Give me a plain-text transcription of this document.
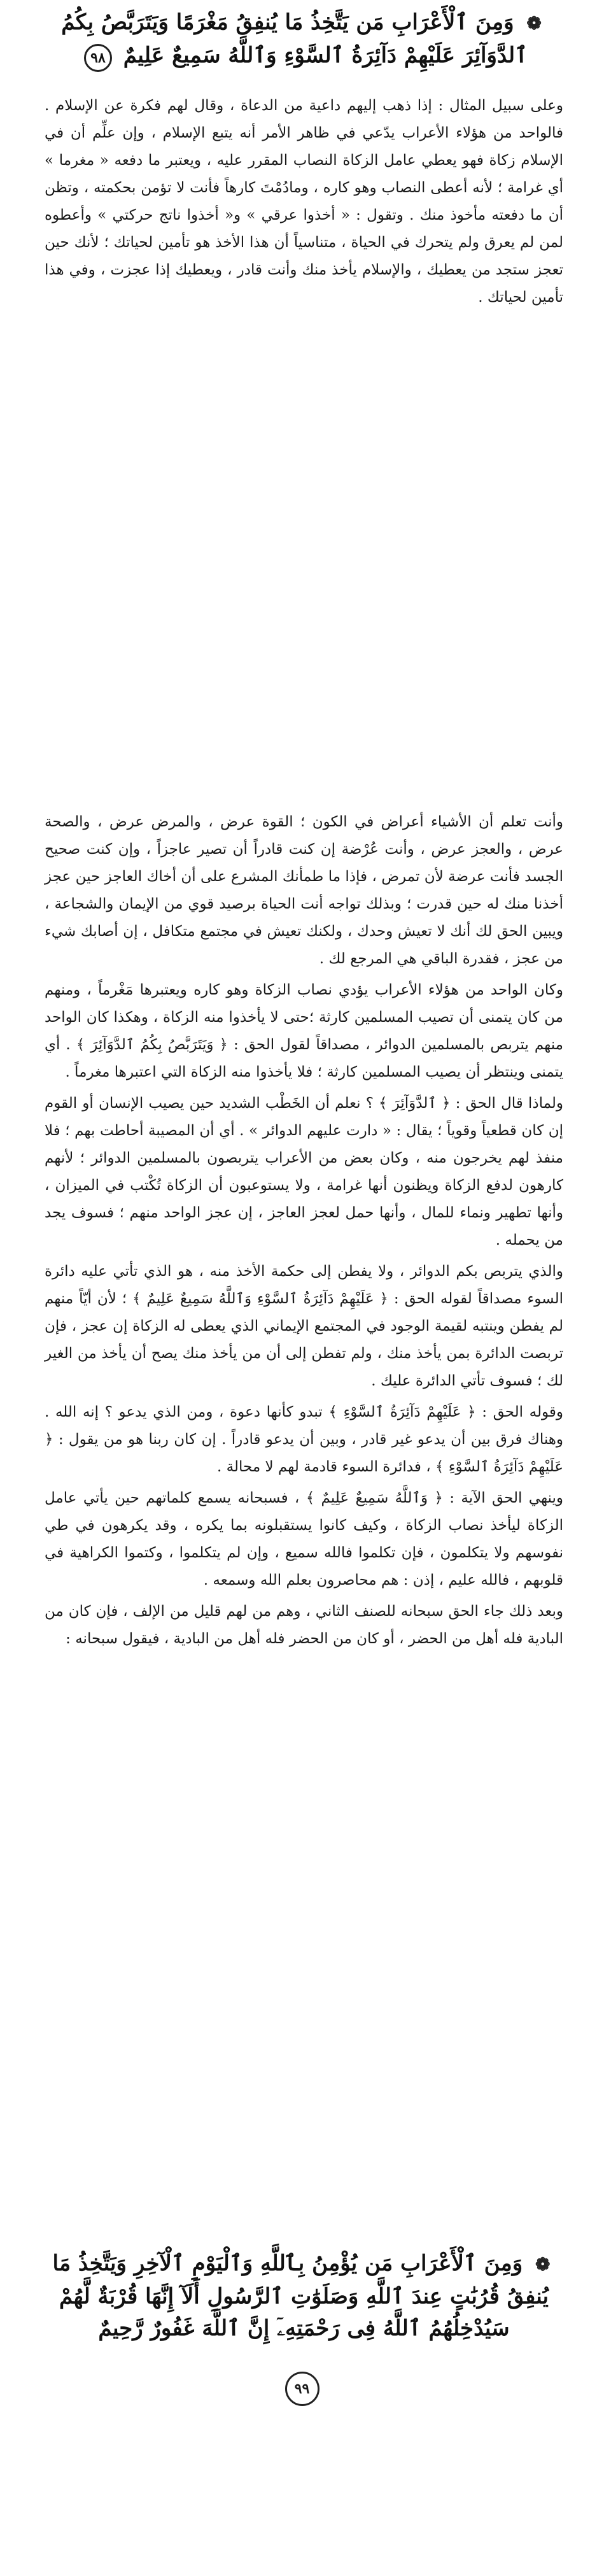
❁ وَمِنَ ٱلْأَعْرَابِ مَن يَتَّخِذُ مَا يُنفِقُ مَغْرَمًا وَيَتَرَبَّصُ بِكُمُ ٱلدَّوَآئِرَ عَلَيْهِمْ دَآئِرَةُ ٱلسَّوْءِ وَٱللَّهُ سَمِيعٌ عَلِيمٌ ٩٨

وعلى سبيل المثال : إذا ذهب إليهم داعية من الدعاة ، وقال لهم فكرة عن الإسلام . فالواحد من هؤلاء الأعراب يدّعي في ظاهر الأمر أنه يتبع الإسلام ، وإن علِّم أن في الإسلام زكاة فهو يعطي عامل الزكاة النصاب المقرر عليه ، ويعتبر ما دفعه « مغرما » أي غرامة ؛ لأنه أعطى النصاب وهو كاره ، ومادُمْتَ كارهاً فأنت لا تؤمن بحكمته ، وتظن أن ما دفعته مأخوذ منك . وتقول : « أخذوا عرقي » و« أخذوا ناتج حركتي » وأعطوه لمن لم يعرق ولم يتحرك في الحياة ، متناسياً أن هذا الأخذ هو تأمين لحياتك ؛ لأنك حين تعجز ستجد من يعطيك ، والإسلام يأخذ منك وأنت قادر ، ويعطيك إذا عجزت ، وفي هذا تأمين لحياتك .

وأنت تعلم أن الأشياء أعراض في الكون ؛ القوة عرض ، والمرض عرض ، والصحة عرض ، والعجز عرض ، وأنت عُرْضة إن كنت قادراً أن تصير عاجزاً ، وإن كنت صحيح الجسد فأنت عرضة لأن تمرض ، فإذا ما طمأنك المشرع على أن أخاك العاجز حين عجز أخذنا منك له حين قدرت ؛ وبذلك تواجه أنت الحياة برصيد قوي من الإيمان والشجاعة ، ويبين الحق لك أنك لا تعيش وحدك ، ولكنك تعيش في مجتمع متكافل ، إن أصابك شيء من عجز ، فقدرة الباقي هي المرجع لك .

وكان الواحد من هؤلاء الأعراب يؤدي نصاب الزكاة وهو كاره ويعتبرها مَغْرماً ، ومنهم من كان يتمنى أن تصيب المسلمين كارثة ؛حتى لا يأخذوا منه الزكاة ، وهكذا كان الواحد منهم يتربص بالمسلمين الدوائر ، مصداقاً لقول الحق : ﴿ وَيَتَرَبَّصُ بِكُمُ ٱلدَّوَآئِرَ ﴾ . أي يتمنى وينتظر أن يصيب المسلمين كارثة ؛ فلا يأخذوا منه الزكاة التي اعتبرها مغرماً .

ولماذا قال الحق : ﴿ ٱلدَّوَآئِرَ ﴾ ؟ نعلم أن الخَطْب الشديد حين يصيب الإنسان أو القوم إن كان قطعياً وقوياً ؛ يقال : « دارت عليهم الدوائر » . أي أن المصيبة أحاطت بهم ؛ فلا منفذ لهم يخرجون منه ، وكان بعض من الأعراب يتربصون بالمسلمين الدوائر ؛ لأنهم كارهون لدفع الزكاة ويظنون أنها غرامة ، ولا يستوعبون أن الزكاة تُكْتب في الميزان ، وأنها تطهير ونماء للمال ، وأنها حمل لعجز العاجز ، إن عجز الواحد منهم ؛ فسوف يجد من يحمله .

والذي يتربص بكم الدوائر ، ولا يفطن إلى حكمة الأخذ منه ، هو الذي تأتي عليه دائرة السوء مصداقاً لقوله الحق : ﴿ عَلَيْهِمْ دَآئِرَةُ ٱلسَّوْءِ وَٱللَّهُ سَمِيعٌ عَلِيمٌ ﴾ ؛ لأن أيّاً منهم لم يفطن وينتبه لقيمة الوجود في المجتمع الإيماني الذي يعطى له الزكاة إن عجز ، فإن تربصت الدائرة بمن يأخذ منك ، ولم تفطن إلى أن من يأخذ منك يصح أن يأخذ من الغير لك ؛ فسوف تأتي الدائرة عليك .

وقوله الحق : ﴿ عَلَيْهِمْ دَآئِرَةُ ٱلسَّوْءِ ﴾ تبدو كأنها دعوة ، ومن الذي يدعو ؟ إنه الله . وهناك فرق بين أن يدعو غير قادر ، وبين أن يدعو قادراً . إن كان ربنا هو من يقول : ﴿ عَلَيْهِمْ دَآئِرَةُ ٱلسَّوْءِ ﴾ ، فدائرة السوء قادمة لهم لا محالة .

وينهي الحق الآية : ﴿ وَٱللَّهُ سَمِيعٌ عَلِيمٌ ﴾ ، فسبحانه يسمع كلماتهم حين يأتي عامل الزكاة ليأخذ نصاب الزكاة ، وكيف كانوا يستقبلونه بما يكره ، وقد يكرهون في طي نفوسهم ولا يتكلمون ، فإن تكلموا فالله سميع ، وإن لم يتكلموا ، وكتموا الكراهية في قلوبهم ، فالله عليم ، إذن : هم محاصرون بعلم الله وسمعه .

وبعد ذلك جاء الحق سبحانه للصنف الثاني ، وهم من لهم قليل من الإلف ، فإن كان من البادية فله أهل من الحضر ، أو كان من الحضر فله أهل من البادية ، فيقول سبحانه :

❁ وَمِنَ ٱلْأَعْرَابِ مَن يُؤْمِنُ بِٱللَّهِ وَٱلْيَوْمِ ٱلْآخِرِ وَيَتَّخِذُ مَا يُنفِقُ قُرُبَٰتٍ عِندَ ٱللَّهِ وَصَلَوَٰتِ ٱلرَّسُولِ أَلَآ إِنَّهَا قُرْبَةٌ لَّهُمْ سَيُدْخِلُهُمُ ٱللَّهُ فِى رَحْمَتِهِۦٓ إِنَّ ٱللَّهَ غَفُورٌ رَّحِيمٌ
٩٩
